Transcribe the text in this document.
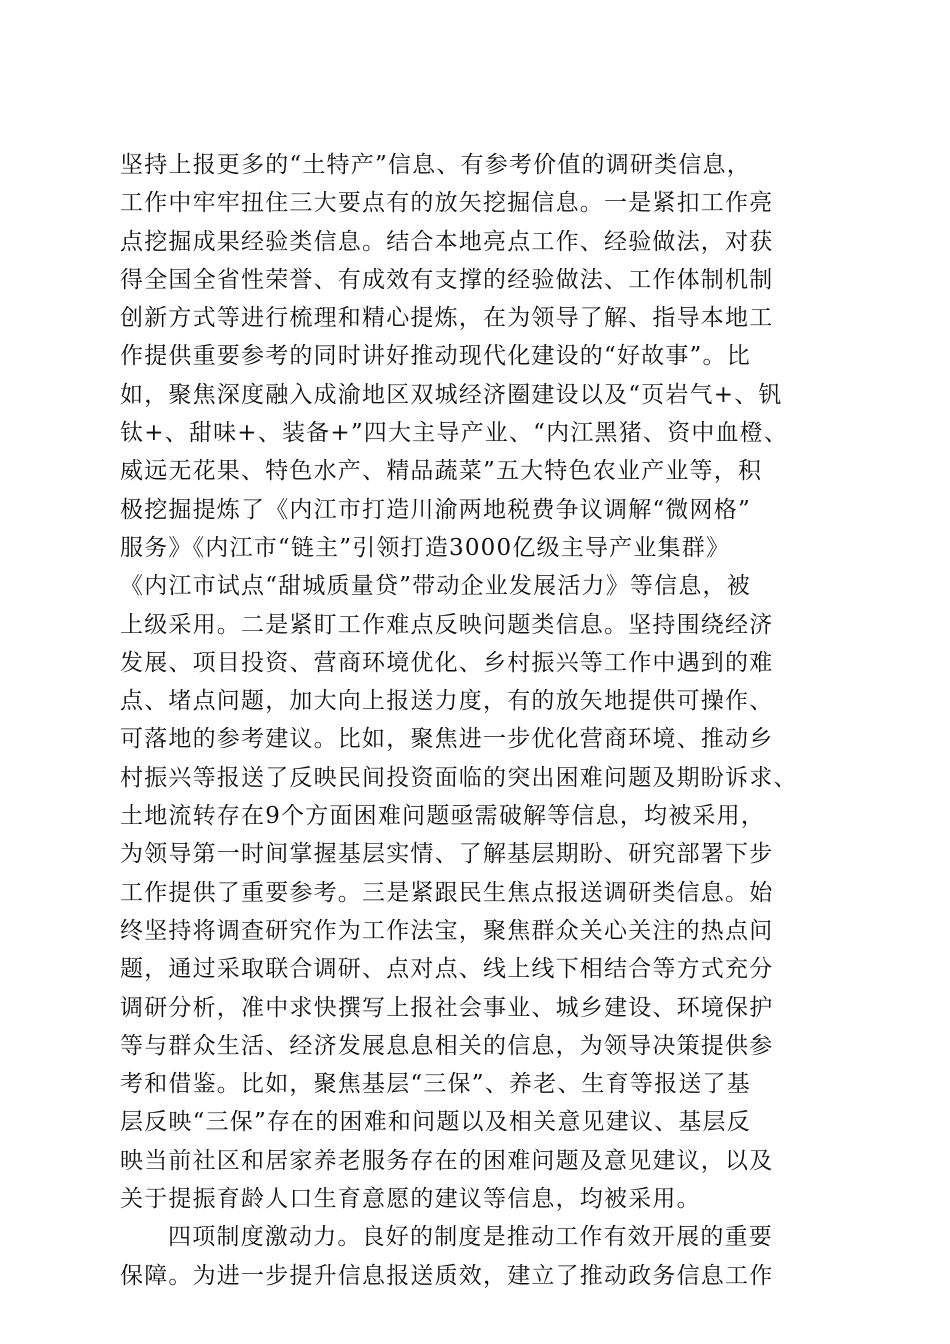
坚持上报更多的“土特产”信息、有参考价值的调研类信息，
工作中牢牢扭住三大要点有的放矢挖掘信息。一是紧扣工作亮
点挖掘成果经验类信息。结合本地亮点工作、经验做法，对获
得全国全省性荣誉、有成效有支撑的经验做法、工作体制机制
创新方式等进行梳理和精心提炼，在为领导了解、指导本地工
作提供重要参考的同时讲好推动现代化建设的“好故事”。比
如，聚焦深度融入成渝地区双城经济圈建设以及“页岩气+、钒
钛+、甜味+、装备+”四大主导产业、“内江黑猪、资中血橙、
威远无花果、特色水产、精品蔬菜”五大特色农业产业等，积
极挖掘提炼了《内江市打造川渝两地税费争议调解“微网格”
服务》《内江市“链主”引领打造3000亿级主导产业集群》
《内江市试点“甜城质量贷”带动企业发展活力》等信息，被
上级采用。二是紧盯工作难点反映问题类信息。坚持围绕经济
发展、项目投资、营商环境优化、乡村振兴等工作中遇到的难
点、堵点问题，加大向上报送力度，有的放矢地提供可操作、
可落地的参考建议。比如，聚焦进一步优化营商环境、推动乡
村振兴等报送了反映民间投资面临的突出困难问题及期盼诉求、
土地流转存在9个方面困难问题亟需破解等信息，均被采用，
为领导第一时间掌握基层实情、了解基层期盼、研究部署下步
工作提供了重要参考。三是紧跟民生焦点报送调研类信息。始
终坚持将调查研究作为工作法宝，聚焦群众关心关注的热点问
题，通过采取联合调研、点对点、线上线下相结合等方式充分
调研分析，准中求快撰写上报社会事业、城乡建设、环境保护
等与群众生活、经济发展息息相关的信息，为领导决策提供参
考和借鉴。比如，聚焦基层“三保”、养老、生育等报送了基
层反映“三保”存在的困难和问题以及相关意见建议、基层反
映当前社区和居家养老服务存在的困难问题及意见建议，以及
关于提振育龄人口生育意愿的建议等信息，均被采用。
四项制度激动力。良好的制度是推动工作有效开展的重要
保障。为进一步提升信息报送质效，建立了推动政务信息工作
